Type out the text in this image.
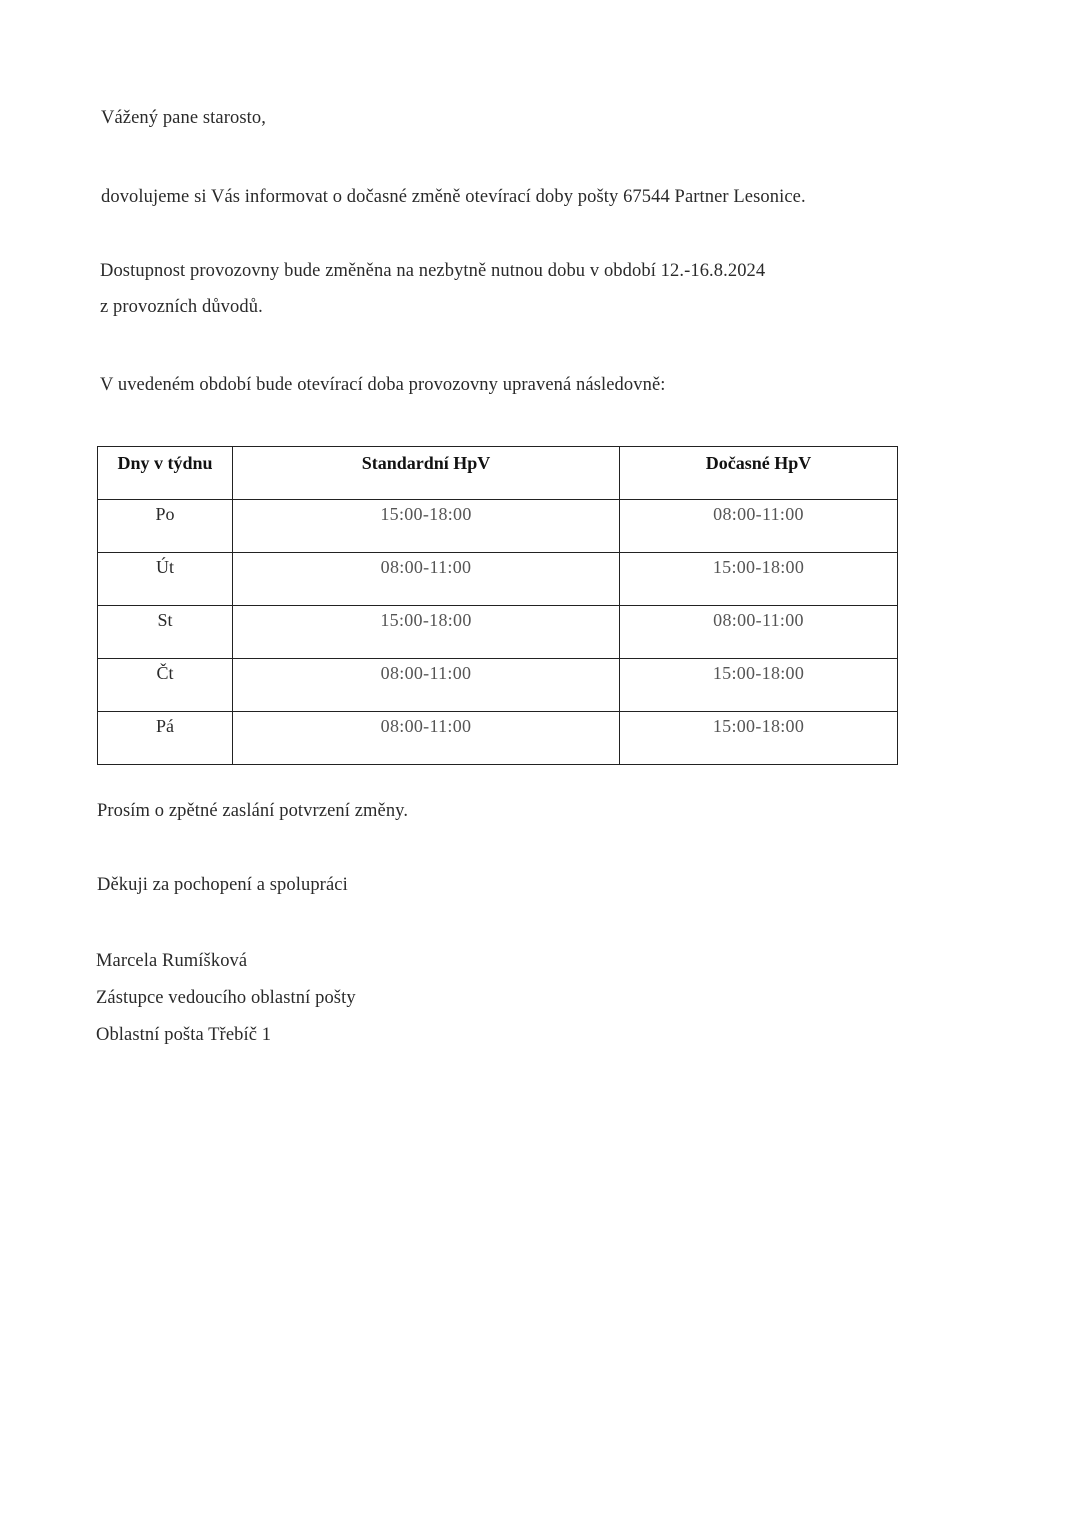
Vážený pane starosto,
dovolujeme si Vás informovat o dočasné změně otevírací doby pošty 67544 Partner Lesonice.
Dostupnost provozovny bude změněna na nezbytně nutnou dobu v období 12.-16.8.2024
z provozních důvodů.
V uvedeném období bude otevírací doba provozovny upravená následovně:
Dny v týdnu	Standardní HpV	Dočasné HpV
Po	15:00-18:00	08:00-11:00
Út	08:00-11:00	15:00-18:00
St	15:00-18:00	08:00-11:00
Čt	08:00-11:00	15:00-18:00
Pá	08:00-11:00	15:00-18:00
Prosím o zpětné zaslání potvrzení změny.
Děkuji za pochopení a spolupráci
Marcela Rumíšková
Zástupce vedoucího oblastní pošty
Oblastní pošta Třebíč 1
